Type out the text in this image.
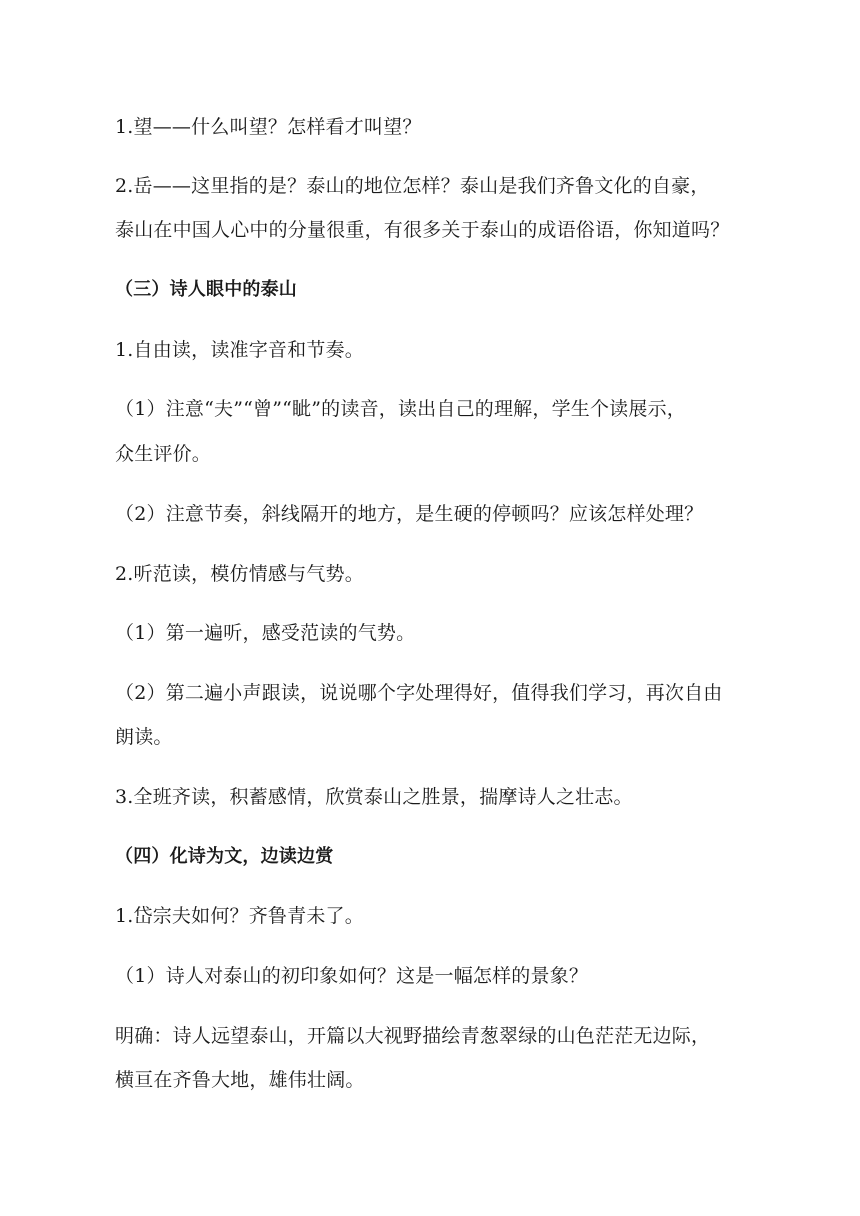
1.望——什么叫望？怎样看才叫望？
2.岳——这里指的是？泰山的地位怎样？泰山是我们齐鲁文化的自豪，
泰山在中国人心中的分量很重，有很多关于泰山的成语俗语，你知道吗？
（三）诗人眼中的泰山
1.自由读，读准字音和节奏。
（1）注意“夫”“曾”“眦”的读音，读出自己的理解，学生个读展示，
众生评价。
（2）注意节奏，斜线隔开的地方，是生硬的停顿吗？应该怎样处理？
2.听范读，模仿情感与气势。
（1）第一遍听，感受范读的气势。
（2）第二遍小声跟读，说说哪个字处理得好，值得我们学习，再次自由
朗读。
3.全班齐读，积蓄感情，欣赏泰山之胜景，揣摩诗人之壮志。
（四）化诗为文，边读边赏
1.岱宗夫如何？齐鲁青未了。
（1）诗人对泰山的初印象如何？这是一幅怎样的景象？
明确：诗人远望泰山，开篇以大视野描绘青葱翠绿的山色茫茫无边际，
横亘在齐鲁大地，雄伟壮阔。
